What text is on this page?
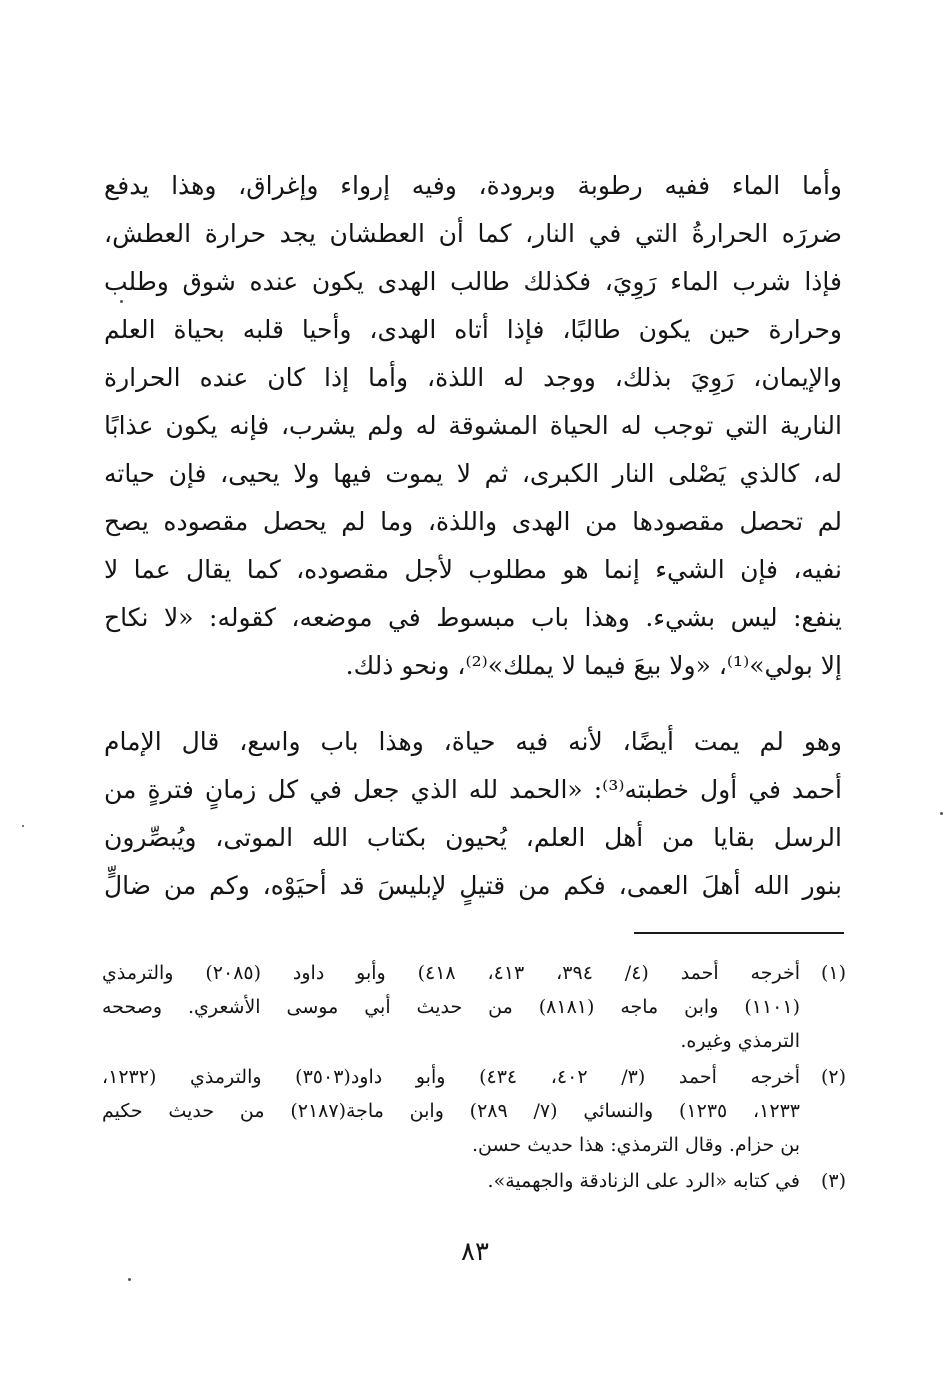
وأما الماء ففيه رطوبة وبرودة، وفيه إرواء وإغراق، وهذا يدفع
ضررَه الحرارةُ التي في النار، كما أن العطشان يجد حرارة العطش،
فإذا شرب الماء رَوِيَ، فكذلك طالب الهدى يكون عنده شوق وطلب
وحرارة حين يكون طالبًا، فإذا أتاه الهدى، وأحيا قلبه بحياة العلم
والإيمان، رَوِيَ بذلك، ووجد له اللذة، وأما إذا كان عنده الحرارة
النارية التي توجب له الحياة المشوقة له ولم يشرب، فإنه يكون عذابًا
له، كالذي يَصْلى النار الكبرى، ثم لا يموت فيها ولا يحيى، فإن حياته
لم تحصل مقصودها من الهدى واللذة، وما لم يحصل مقصوده يصح
نفيه، فإن الشيء إنما هو مطلوب لأجل مقصوده، كما يقال عما لا
ينفع: ليس بشيء. وهذا باب مبسوط في موضعه، كقوله: «لا نكاح
إلا بولي»⁽¹⁾، «ولا بيعَ فيما لا يملك»⁽²⁾، ونحو ذلك.
وهو لم يمت أيضًا، لأنه فيه حياة، وهذا باب واسع، قال الإمام
أحمد في أول خطبته⁽³⁾: «الحمد لله الذي جعل في كل زمانٍ فترةٍ من
الرسل بقايا من أهل العلم، يُحيون بكتاب الله الموتى، ويُبصِّرون
بنور الله أهلَ العمى، فكم من قتيلٍ لإبليسَ قد أحيَوْه، وكم من ضالٍّ
(١)
أخرجه أحمد (٤/ ٣٩٤، ٤١٣، ٤١٨) وأبو داود (٢٠٨٥) والترمذي
(١١٠١) وابن ماجه (٨١٨١) من حديث أبي موسى الأشعري. وصححه
الترمذي وغيره.
(٢)
أخرجه أحمد (٣/ ٤٠٢، ٤٣٤) وأبو داود(٣٥٠٣) والترمذي (١٢٣٢،
١٢٣٣، ١٢٣٥) والنسائي (٧/ ٢٨٩) وابن ماجة(٢١٨٧) من حديث حكيم
بن حزام. وقال الترمذي: هذا حديث حسن.
(٣)
في كتابه «الرد على الزنادقة والجهمية».
٨٣
